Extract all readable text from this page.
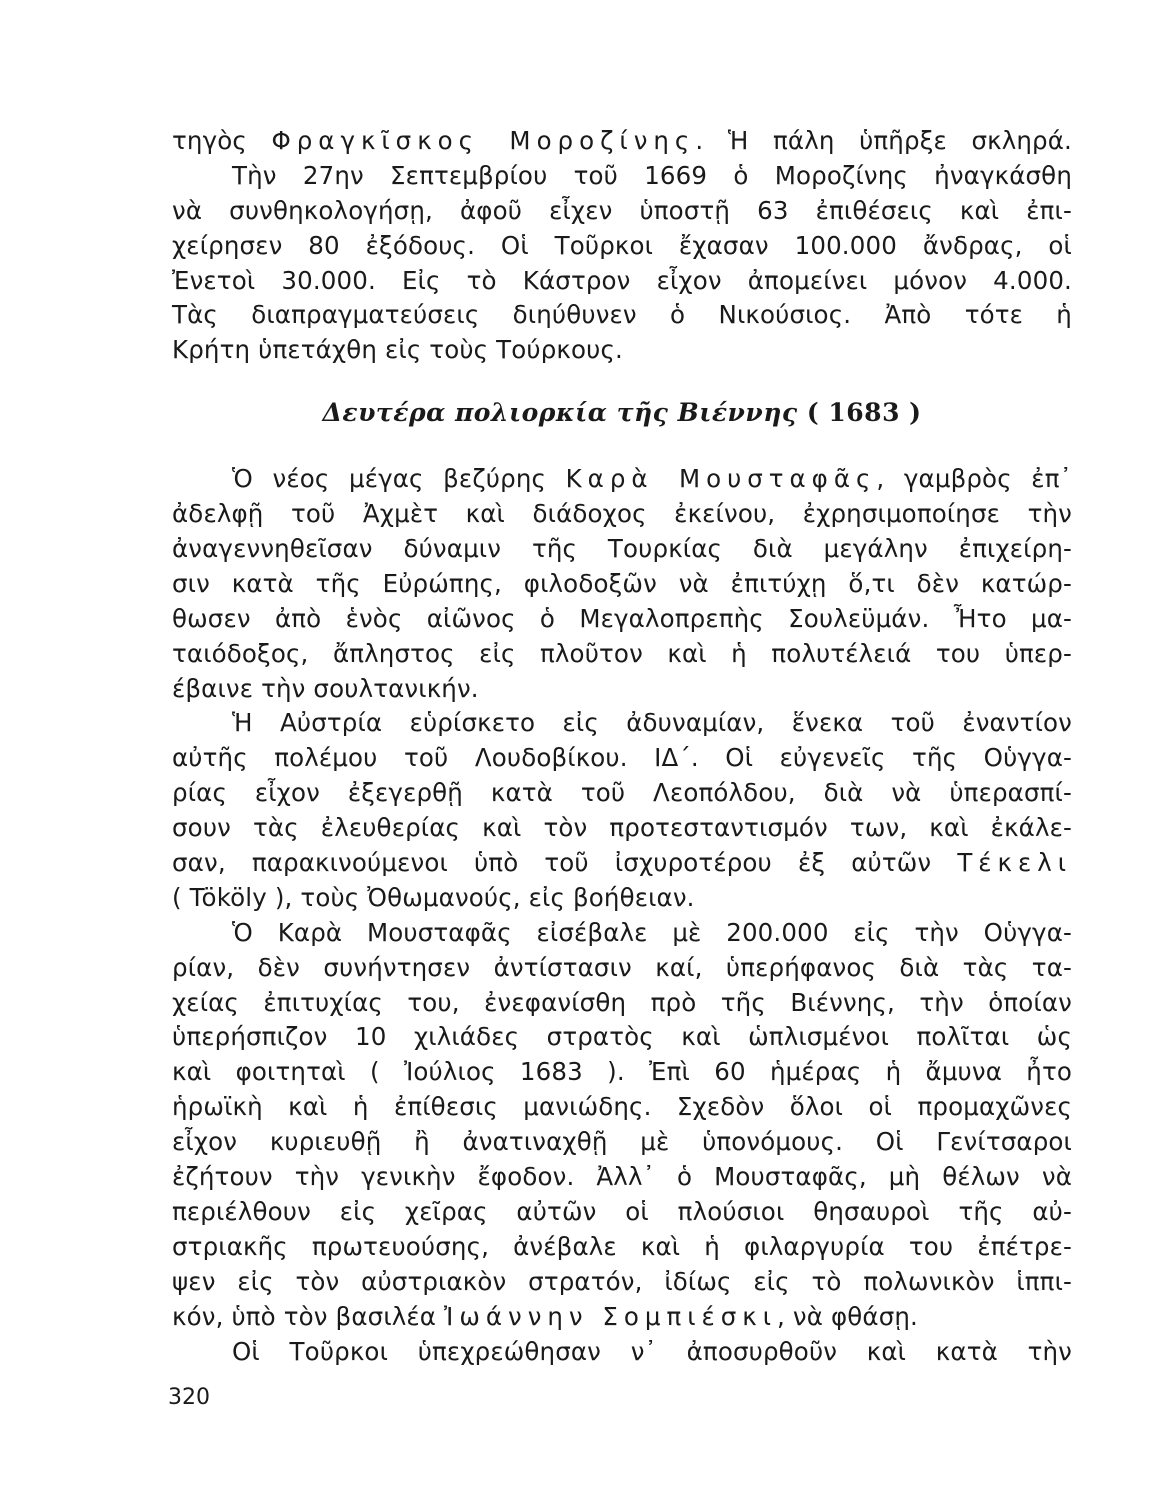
τηγὸς Φραγκῖσκος Μοροζίνης. Ἡ πάλη ὑπῆρξε σκληρά.
Τὴν 27ην Σεπτεμβρίου τοῦ 1669 ὁ Μοροζίνης ἠναγκάσθη
νὰ συνθηκολογήσῃ, ἀφοῦ εἶχεν ὑποστῇ 63 ἐπιθέσεις καὶ ἐπι-
χείρησεν 80 ἐξόδους. Οἱ Τοῦρκοι ἔχασαν 100.000 ἄνδρας, οἱ
Ἐνετοὶ 30.000. Εἰς τὸ Κάστρον εἶχον ἀπομείνει μόνον 4.000.
Τὰς διαπραγματεύσεις διηύθυνεν ὁ Νικούσιος. Ἀπὸ τότε ἡ
Κρήτη ὑπετάχθη εἰς τοὺς Τούρκους.
Δευτέρα πολιορκία τῆς Βιέννης ( 1683 )
Ὁ νέος μέγας βεζύρης Καρὰ Μουσταφᾶς, γαμβρὸς ἐπ᾽
ἀδελφῇ τοῦ Ἀχμὲτ καὶ διάδοχος ἐκείνου, ἐχρησιμοποίησε τὴν
ἀναγεννηθεῖσαν δύναμιν τῆς Τουρκίας διὰ μεγάλην ἐπιχείρη-
σιν κατὰ τῆς Εὐρώπης, φιλοδοξῶν νὰ ἐπιτύχῃ ὅ,τι δὲν κατώρ-
θωσεν ἀπὸ ἑνὸς αἰῶνος ὁ Μεγαλοπρεπὴς Σουλεϋμάν. Ἦτο μα-
ταιόδοξος, ἄπληστος εἰς πλοῦτον καὶ ἡ πολυτέλειά του ὑπερ-
έβαινε τὴν σουλτανικήν.
Ἡ Αὐστρία εὑρίσκετο εἰς ἀδυναμίαν, ἕνεκα τοῦ ἐναντίον
αὐτῆς πολέμου τοῦ Λουδοβίκου. ΙΔ΄. Οἱ εὐγενεῖς τῆς Οὑγγα-
ρίας εἶχον ἐξεγερθῇ κατὰ τοῦ Λεοπόλδου, διὰ νὰ ὑπερασπί-
σουν τὰς ἐλευθερίας καὶ τὸν προτεσταντισμόν των, καὶ ἐκάλε-
σαν, παρακινούμενοι ὑπὸ τοῦ ἰσχυροτέρου ἐξ αὐτῶν Τέκελι
( Tököly ), τοὺς Ὀθωμανούς, εἰς βοήθειαν.
Ὁ Καρὰ Μουσταφᾶς εἰσέβαλε μὲ 200.000 εἰς τὴν Οὑγγα-
ρίαν, δὲν συνήντησεν ἀντίστασιν καί, ὑπερήφανος διὰ τὰς τα-
χείας ἐπιτυχίας του, ἐνεφανίσθη πρὸ τῆς Βιέννης, τὴν ὁποίαν
ὑπερήσπιζον 10 χιλιάδες στρατὸς καὶ ὡπλισμένοι πολῖται ὡς
καὶ φοιτηταὶ ( Ἰούλιος 1683 ). Ἐπὶ 60 ἡμέρας ἡ ἄμυνα ἦτο
ἡρωϊκὴ καὶ ἡ ἐπίθεσις μανιώδης. Σχεδὸν ὅλοι οἱ προμαχῶνες
εἶχον κυριευθῇ ἢ ἀνατιναχθῇ μὲ ὑπονόμους. Οἱ Γενίτσαροι
ἐζήτουν τὴν γενικὴν ἔφοδον. Ἀλλ᾽ ὁ Μουσταφᾶς, μὴ θέλων νὰ
περιέλθουν εἰς χεῖρας αὐτῶν οἱ πλούσιοι θησαυροὶ τῆς αὐ-
στριακῆς πρωτευούσης, ἀνέβαλε καὶ ἡ φιλαργυρία του ἐπέτρε-
ψεν εἰς τὸν αὐστριακὸν στρατόν, ἰδίως εἰς τὸ πολωνικὸν ἱππι-
κόν, ὑπὸ τὸν βασιλέα Ἰωάννην Σομπιέσκι, νὰ φθάσῃ.
Οἱ Τοῦρκοι ὑπεχρεώθησαν ν᾽ ἀποσυρθοῦν καὶ κατὰ τὴν
320
